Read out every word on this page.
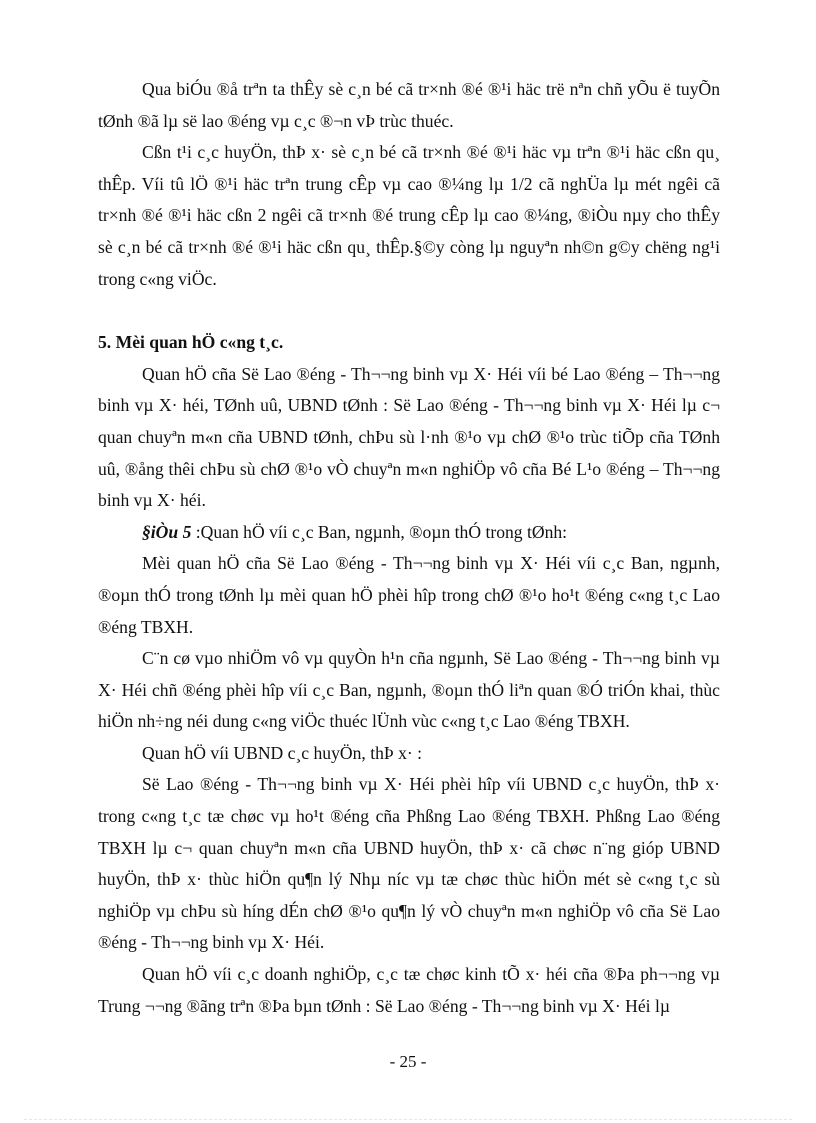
Qua biÓu ®å trªn ta thÊy sè c¸n bé cã tr×nh ®é ®¹i häc trë nªn chñ yÕu ë tuyÕn tØnh ®ã lµ së lao ®éng vµ c¸c ®¬n vÞ trùc thuéc.

Cßn t¹i c¸c huyÖn, thÞ x· sè c¸n bé cã tr×nh ®é ®¹i häc vµ trªn ®¹i häc cßn qu¸ thÊp. Víi tû lÖ ®¹i häc trªn trung cÊp vµ cao ®¼ng lµ 1/2 cã nghÜa lµ mét ngêi cã tr×nh ®é ®¹i häc cßn 2 ngêi cã tr×nh ®é trung cÊp lµ cao ®¼ng, ®iÒu nµy cho thÊy sè c¸n bé cã tr×nh ®é ®¹i häc cßn qu¸ thÊp.§©y còng lµ nguyªn nh©n g©y chëng ng¹i trong c«ng viÖc.

5. Mèi quan hÖ c«ng t¸c.

Quan hÖ cña Së Lao ®éng - Th¬¬ng binh vµ X· Héi víi bé Lao ®éng – Th¬¬ng binh vµ X· héi, TØnh uû, UBND tØnh : Së Lao ®éng - Th¬¬ng binh vµ X· Héi lµ c¬ quan chuyªn m«n cña UBND tØnh, chÞu sù l·nh ®¹o vµ chØ ®¹o trùc tiÕp cña TØnh uû, ®ång thêi chÞu sù chØ ®¹o vÒ chuyªn m«n nghiÖp vô cña Bé L¹o ®éng – Th¬¬ng binh vµ X· héi.

§iÒu 5 :Quan hÖ víi c¸c Ban, ngµnh, ®oµn thÓ trong tØnh:

Mèi quan hÖ cña Së Lao ®éng - Th¬¬ng binh vµ X· Héi víi c¸c Ban, ngµnh, ®oµn thÓ trong tØnh lµ mèi quan hÖ phèi hîp trong chØ ®¹o ho¹t ®éng c«ng t¸c Lao ®éng TBXH.

C¨n cø vµo nhiÖm vô vµ quyÒn h¹n cña ngµnh, Së Lao ®éng - Th¬¬ng binh vµ X· Héi chñ ®éng phèi hîp víi c¸c Ban, ngµnh, ®oµn thÓ liªn quan ®Ó triÓn khai, thùc hiÖn nh÷ng néi dung c«ng viÖc thuéc lÜnh vùc c«ng t¸c Lao ®éng TBXH.

Quan hÖ víi UBND c¸c huyÖn, thÞ x· :

Së Lao ®éng - Th¬¬ng binh vµ X· Héi phèi hîp víi UBND c¸c huyÖn, thÞ x· trong c«ng t¸c tæ chøc vµ ho¹t ®éng cña Phßng Lao ®éng TBXH. Phßng Lao ®éng TBXH lµ c¬ quan chuyªn m«n cña UBND huyÖn, thÞ x· cã chøc n¨ng gióp UBND huyÖn, thÞ x· thùc hiÖn qu¶n lý Nhµ níc vµ tæ chøc thùc hiÖn mét sè c«ng t¸c sù nghiÖp vµ chÞu sù híng dÉn chØ ®¹o qu¶n lý vÒ chuyªn m«n nghiÖp vô cña Së Lao ®éng - Th¬¬ng binh vµ X· Héi.

Quan hÖ víi c¸c doanh nghiÖp, c¸c tæ chøc kinh tÕ x· héi cña ®Þa ph¬¬ng vµ Trung ¬¬ng ®ãng trªn ®Þa bµn tØnh : Së Lao ®éng - Th¬¬ng binh vµ X· Héi lµ

- 25 -
